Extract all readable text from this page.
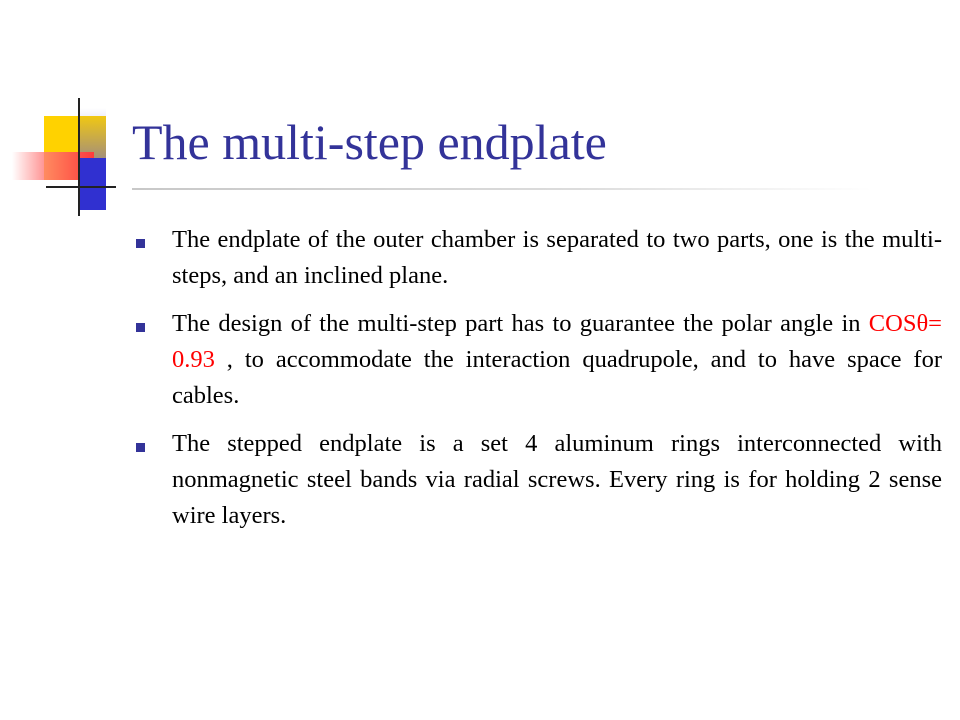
The multi-step endplate
The endplate of the outer chamber is separated to two parts, one is the multi-steps, and an inclined plane.
The design of the multi-step part has to guarantee the polar angle in COSθ= 0.93 , to accommodate the interaction quadrupole, and to have space for cables.
The stepped endplate is a set 4 aluminum rings interconnected with nonmagnetic steel bands via radial screws. Every ring is for holding 2 sense wire layers.
